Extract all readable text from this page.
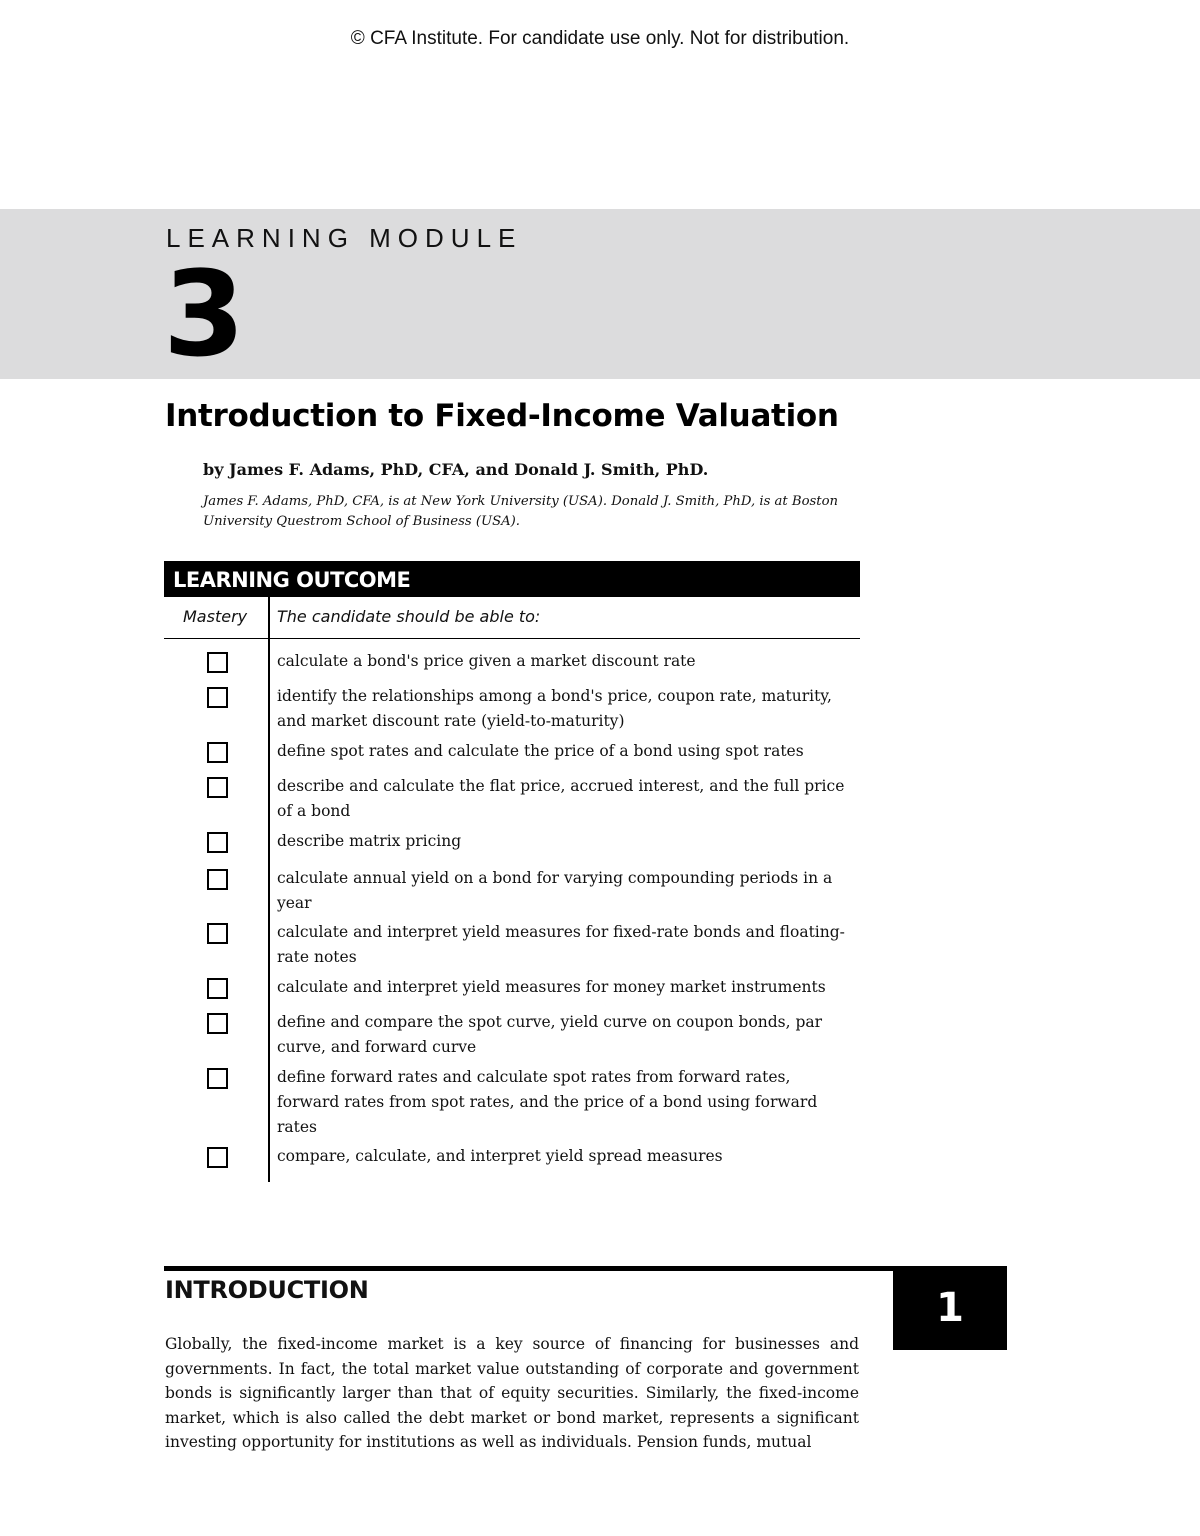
© CFA Institute. For candidate use only. Not for distribution.
LEARNING MODULE
3
Introduction to Fixed-Income Valuation
by James F. Adams, PhD, CFA, and Donald J. Smith, PhD.
James F. Adams, PhD, CFA, is at New York University (USA). Donald J. Smith, PhD, is at Boston University Questrom School of Business (USA).
LEARNING OUTCOME
Mastery The candidate should be able to:
calculate a bond's price given a market discount rate
identify the relationships among a bond's price, coupon rate, maturity, and market discount rate (yield-to-maturity)
define spot rates and calculate the price of a bond using spot rates
describe and calculate the flat price, accrued interest, and the full price of a bond
describe matrix pricing
calculate annual yield on a bond for varying compounding periods in a year
calculate and interpret yield measures for fixed-rate bonds and floating-rate notes
calculate and interpret yield measures for money market instruments
define and compare the spot curve, yield curve on coupon bonds, par curve, and forward curve
define forward rates and calculate spot rates from forward rates, forward rates from spot rates, and the price of a bond using forward rates
compare, calculate, and interpret yield spread measures
INTRODUCTION	1
Globally, the fixed-income market is a key source of financing for businesses and governments. In fact, the total market value outstanding of corporate and government bonds is significantly larger than that of equity securities. Similarly, the fixed-income market, which is also called the debt market or bond market, represents a significant investing opportunity for institutions as well as individuals. Pension funds, mutual
